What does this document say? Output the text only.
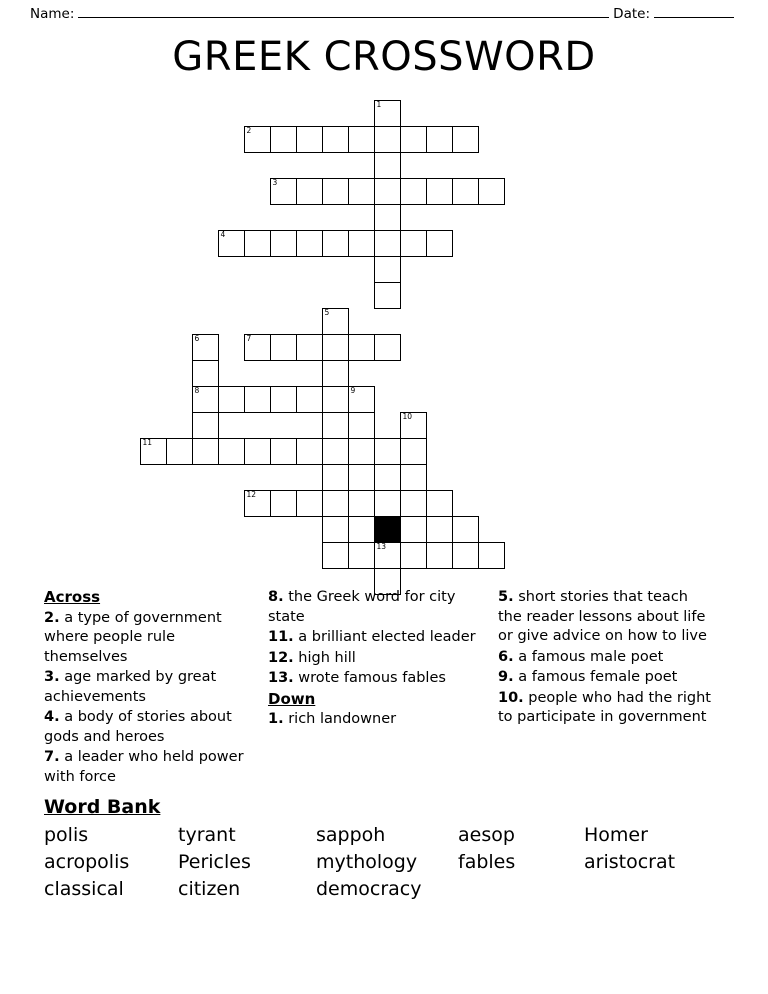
Name:	Date:
GREEK CROSSWORD
1
2
3
4
5
6	7
8	9
10
11
12
13
Across
2. a type of government where people rule themselves
3. age marked by great achievements
4. a body of stories about gods and heroes
7. a leader who held power with force
8. the Greek word for city state
11. a brilliant elected leader
12. high hill
13. wrote famous fables
Down
1. rich landowner
5. short stories that teach the reader lessons about life or give advice on how to live
6. a famous male poet
9. a famous female poet
10. people who had the right to participate in government
Word Bank
polis	tyrant	sappoh	aesop	Homer
acropolis	Pericles	mythology	fables	aristocrat
classical	citizen	democracy
